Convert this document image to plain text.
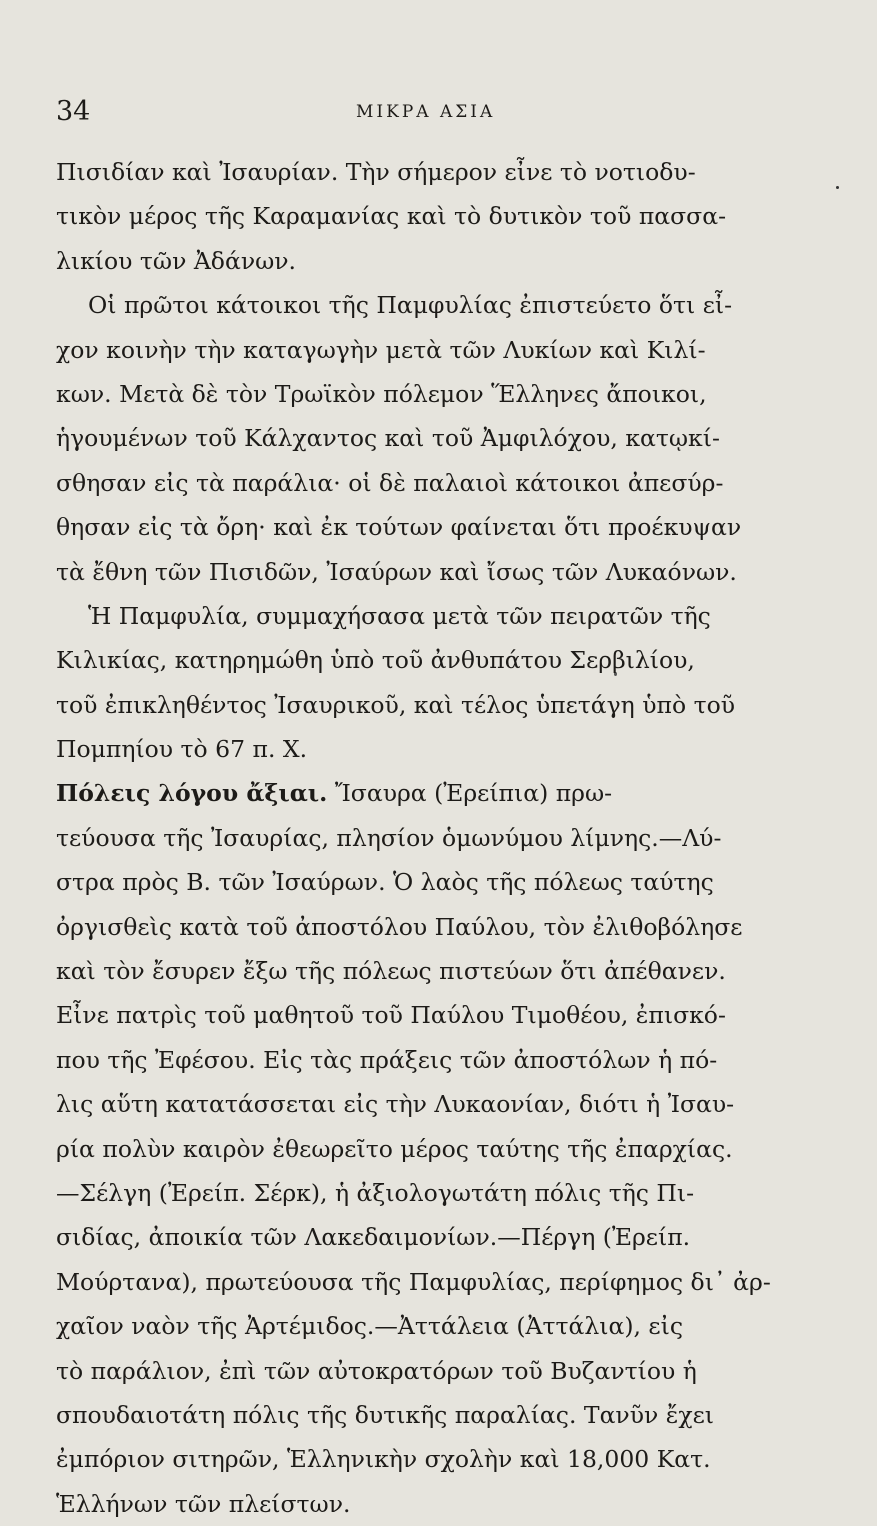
34	ΜΙΚΡΑ ΑΣΙΑ
Πισιδίαν καὶ Ἰσαυρίαν. Τὴν σήμερον εἶνε τὸ νοτιοδυ-
τικὸν μέρος τῆς Καραμανίας καὶ τὸ δυτικὸν τοῦ πασσα-
λικίου τῶν Ἀδάνων.
Οἱ πρῶτοι κάτοικοι τῆς Παμφυλίας ἐπιστεύετο ὅτι εἶ-
χον κοινὴν τὴν καταγωγὴν μετὰ τῶν Λυκίων καὶ Κιλί-
κων. Μετὰ δὲ τὸν Τρωϊκὸν πόλεμον Ἕλληνες ἄποικοι,
ἡγουμένων τοῦ Κάλχαντος καὶ τοῦ Ἀμφιλόχου, κατῳκί-
σθησαν εἰς τὰ παράλια· οἱ δὲ παλαιοὶ κάτοικοι ἀπεσύρ-
θησαν εἰς τὰ ὄρη· καὶ ἐκ τούτων φαίνεται ὅτι προέκυψαν
τὰ ἔθνη τῶν Πισιδῶν, Ἰσαύρων καὶ ἴσως τῶν Λυκαόνων.
Ἡ Παμφυλία, συμμαχήσασα μετὰ τῶν πειρατῶν τῆς
Κιλικίας, κατηρημώθη ὑπὸ τοῦ ἀνθυπάτου Σερβιλίου,
τοῦ ἐπικληθέντος Ἰσαυρικοῦ, καὶ τέλος ὑπετάγη ὑπὸ τοῦ
Πομπηίου τὸ 67 π. Χ.
Πόλεις λόγου ἄξιαι. Ἴσαυρα (Ἐρείπια) πρω-
τεύουσα τῆς Ἰσαυρίας, πλησίον ὁμωνύμου λίμνης.—Λύ-
στρα πρὸς Β. τῶν Ἰσαύρων. Ὁ λαὸς τῆς πόλεως ταύτης
ὀργισθεὶς κατὰ τοῦ ἀποστόλου Παύλου, τὸν ἐλιθοβόλησε
καὶ τὸν ἔσυρεν ἔξω τῆς πόλεως πιστεύων ὅτι ἀπέθανεν.
Εἶνε πατρὶς τοῦ μαθητοῦ τοῦ Παύλου Τιμοθέου, ἐπισκό-
που τῆς Ἐφέσου. Εἰς τὰς πράξεις τῶν ἀποστόλων ἡ πό-
λις αὕτη κατατάσσεται εἰς τὴν Λυκαονίαν, διότι ἡ Ἰσαυ-
ρία πολὺν καιρὸν ἐθεωρεῖτο μέρος ταύτης τῆς ἐπαρχίας.
—Σέλγη (Ἐρείπ. Σέρκ), ἡ ἀξιολογωτάτη πόλις τῆς Πι-
σιδίας, ἀποικία τῶν Λακεδαιμονίων.—Πέργη (Ἐρείπ.
Μούρτανα), πρωτεύουσα τῆς Παμφυλίας, περίφημος δι᾽ ἀρ-
χαῖον ναὸν τῆς Ἀρτέμιδος.—Ἀττάλεια (Ἀττάλια), εἰς
τὸ παράλιον, ἐπὶ τῶν αὐτοκρατόρων τοῦ Βυζαντίου ἡ
σπουδαιοτάτη πόλις τῆς δυτικῆς παραλίας. Τανῦν ἔχει
ἐμπόριον σιτηρῶν, Ἑλληνικὴν σχολὴν καὶ 18,000 Κατ.
Ἑλλήνων τῶν πλείστων.
